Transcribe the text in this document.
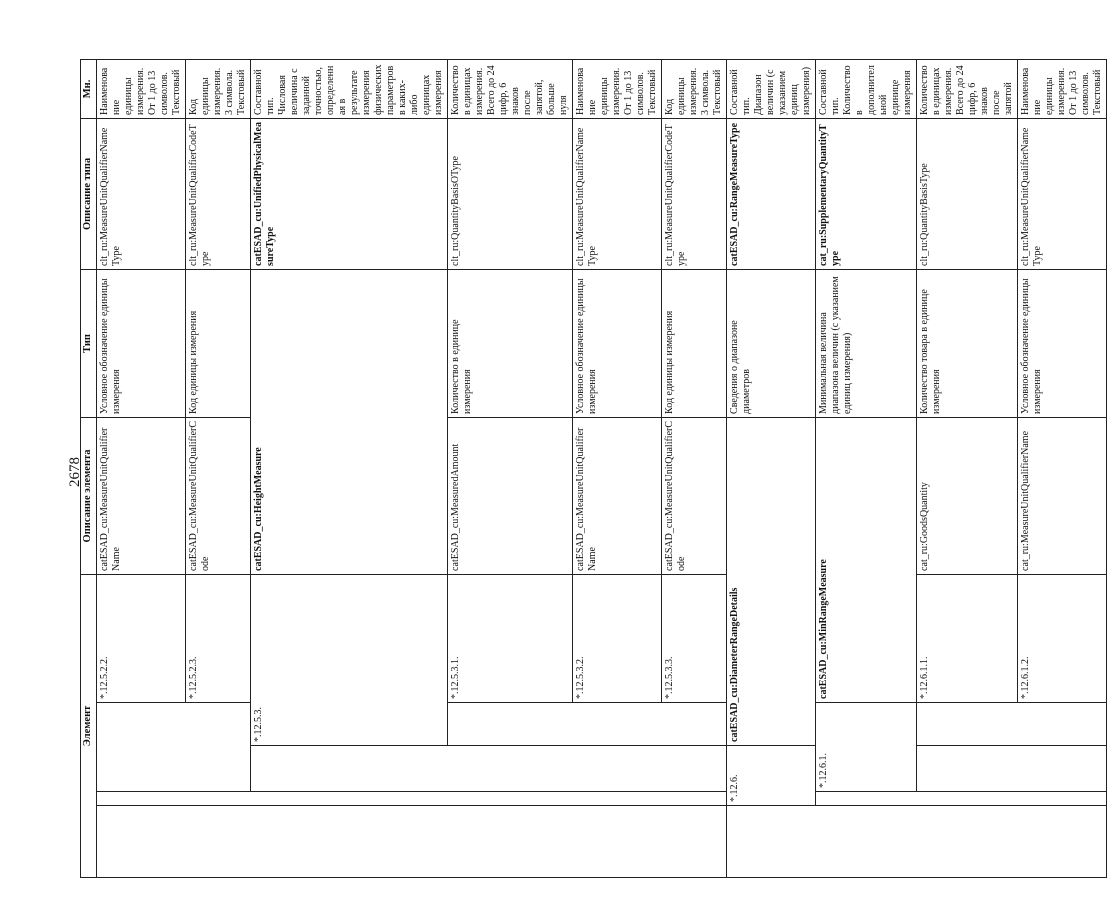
2678
Элемент					Описание элемента	Тип	Описание типа	Мн.	

				*.12.5.2.2.	catESAD_cu:MeasureUnitQualifierName	Условное обозначение единицы измерения	clt_ru:MeasureUnitQualifierNameType	Наименование единицы измерения. От 1 до 13 символов. Текстовый	
				*.12.5.2.3.	catESAD_cu:MeasureUnitQualifierCode	Код единицы измерения	clt_ru:MeasureUnitQualifierCodeType	Код единицы измерения. 3 символа. Текстовый	
			*.12.5.3.		catESAD_cu:HeightMeasure		catESAD_cu:UnifiedPhysicalMeasureType	Составной тип. Числовая величина с заданной точностью, определенная в результате измерения физических параметров в каких-либо единицах измерения	
				*.12.5.3.1.	catESAD_cu:MeasuredAmount	Количество в единице измерения	clt_ru:QuantityBasisOType	Количество в единицах измерения. Всего до 24 цифр, 6 знаков после запятой, больше нуля	
				*.12.5.3.2.	catESAD_cu:MeasureUnitQualifierName	Условное обозначение единицы измерения	clt_ru:MeasureUnitQualifierNameType	Наименование единицы измерения. От 1 до 13 символов. Текстовый	
				*.12.5.3.3.	catESAD_cu:MeasureUnitQualifierCode	Код единицы измерения	clt_ru:MeasureUnitQualifierCodeType	Код единицы измерения. 3 символа. Текстовый	
	*.12.6.		catESAD_cu:DiameterRangeDetails			Сведения о диапазоне диаметров	catESAD_cu:RangeMeasureType	Составной тип. Диапазон величин (с указанием единиц измерения)	
		*.12.6.1.		catESAD_cu:MinRangeMeasure		Минимальная величина диапазона величин (с указанием единиц измерения)	cat_ru:SupplementaryQuantityType	Составной тип. Количество в дополнительной единице измерения	
				*.12.6.1.1.	cat_ru:GoodsQuantity	Количество товара в единице измерения	clt_ru:QuantityBasisType	Количество в единицах измерения. Всего до 24 цифр, 6 знаков после запятой	
				*.12.6.1.2.	cat_ru:MeasureUnitQualifierName	Условное обозначение единицы измерения	clt_ru:MeasureUnitQualifierNameType	Наименование единицы измерения. От 1 до 13 символов. Текстовый	
